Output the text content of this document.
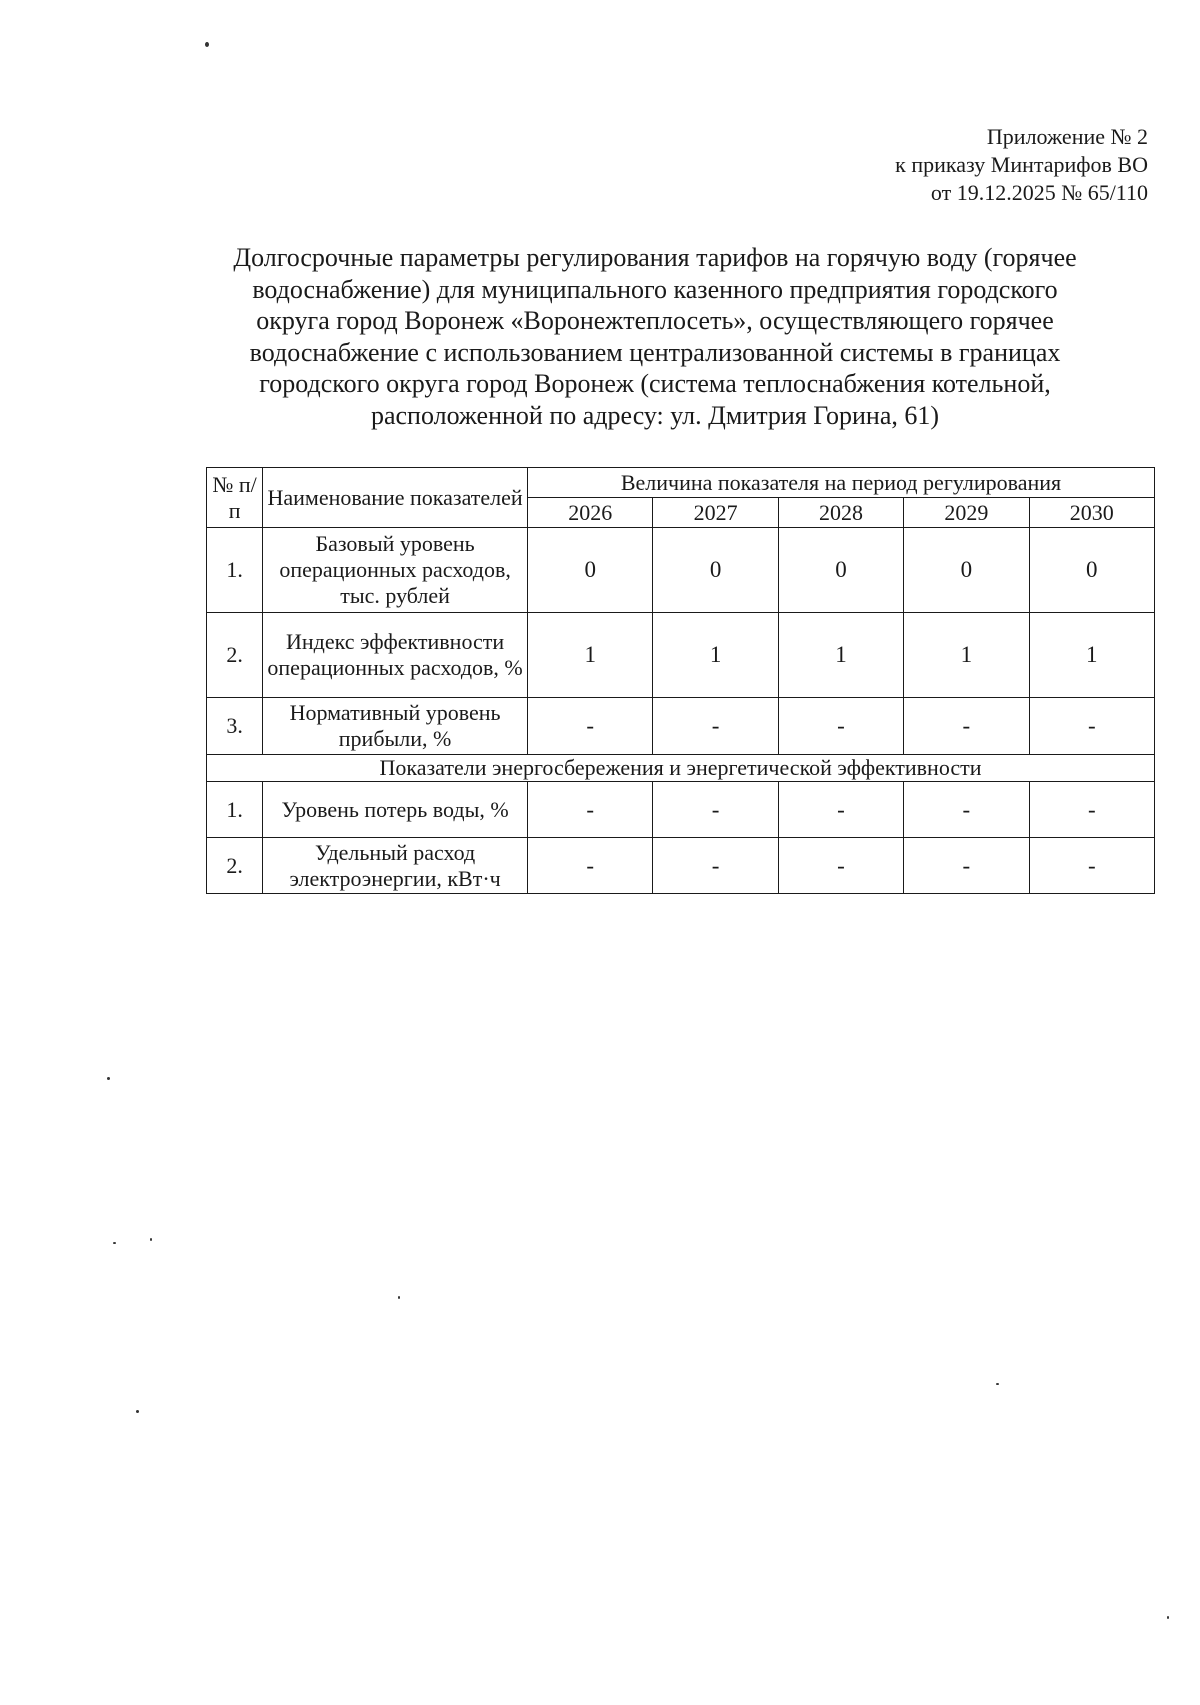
Приложение № 2
к приказу Минтарифов ВО
от 19.12.2025 № 65/110
Долгосрочные параметры регулирования тарифов на горячую воду (горячее
водоснабжение) для муниципального казенного предприятия городского
округа город Воронеж «Воронежтеплосеть», осуществляющего горячее
водоснабжение с использованием централизованной системы в границах
городского округа город Воронеж (система теплоснабжения котельной,
расположенной по адресу: ул. Дмитрия Горина, 61)
№ п/п	Наименование показателей	Величина показателя на период регулирования				
		2026	2027	2028	2029	2030
1.	Базовый уровень операционных расходов, тыс. рублей	0	0	0	0	0
2.	Индекс эффективности операционных расходов, %	1	1	1	1	1
3.	Нормативный уровень прибыли, %	-	-	-	-	-
Показатели энергосбережения и энергетической эффективности						
1.	Уровень потерь воды, %	-	-	-	-	-
2.	Удельный расход электроэнергии, кВт·ч	-	-	-	-	-
